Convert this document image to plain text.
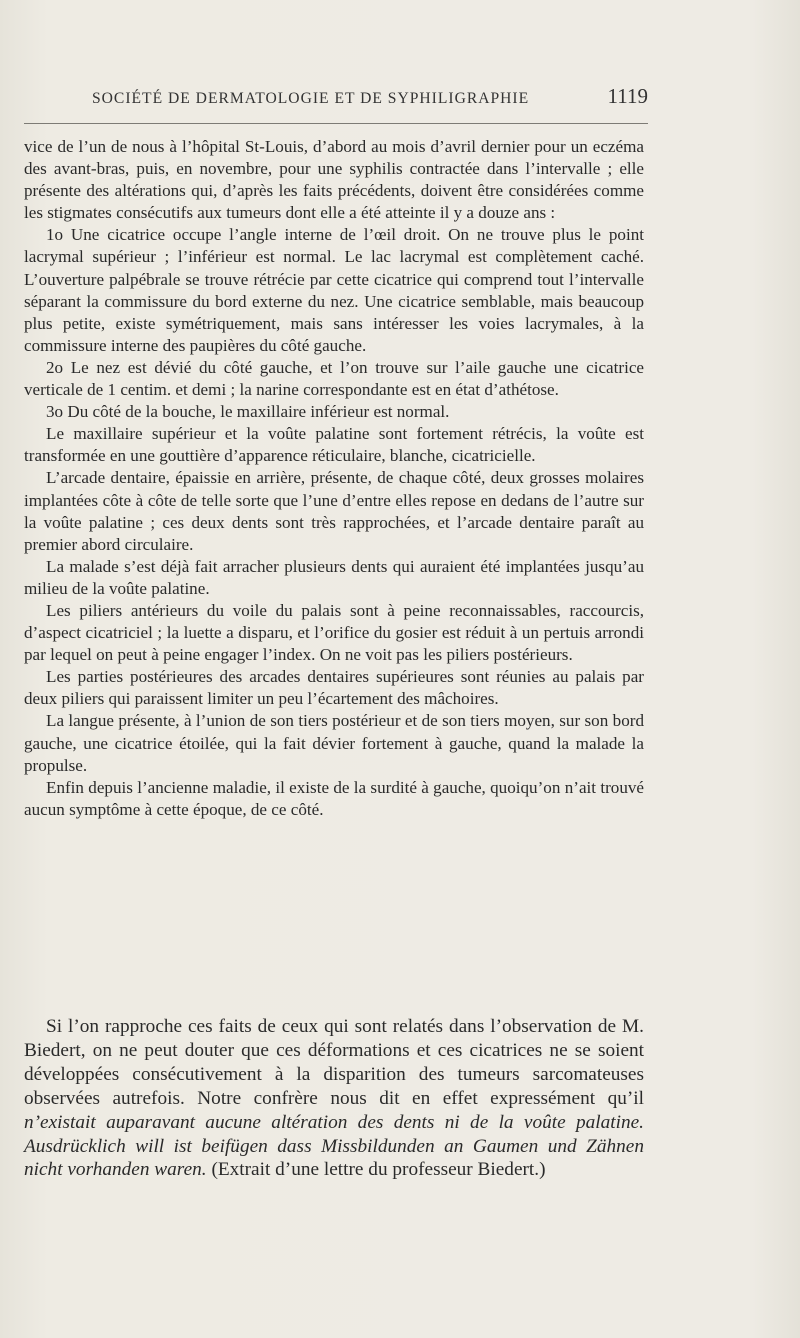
SOCIÉTÉ DE DERMATOLOGIE ET DE SYPHILIGRAPHIE	1119

vice de l’un de nous à l’hôpital St-Louis, d’abord au mois d’avril dernier pour un eczéma des avant-bras, puis, en novembre, pour une syphilis contractée dans l’intervalle ; elle présente des altérations qui, d’après les faits précédents, doivent être considérées comme les stigmates consécutifs aux tumeurs dont elle a été atteinte il y a douze ans :

1o Une cicatrice occupe l’angle interne de l’œil droit. On ne trouve plus le point lacrymal supérieur ; l’inférieur est normal. Le lac lacrymal est complètement caché. L’ouverture palpébrale se trouve rétrécie par cette cicatrice qui comprend tout l’intervalle séparant la commissure du bord externe du nez. Une cicatrice semblable, mais beaucoup plus petite, existe symétriquement, mais sans intéresser les voies lacrymales, à la commissure interne des paupières du côté gauche.

2o Le nez est dévié du côté gauche, et l’on trouve sur l’aile gauche une cicatrice verticale de 1 centim. et demi ; la narine correspondante est en état d’athétose.

3o Du côté de la bouche, le maxillaire inférieur est normal.

Le maxillaire supérieur et la voûte palatine sont fortement rétrécis, la voûte est transformée en une gouttière d’apparence réticulaire, blanche, cicatricielle.

L’arcade dentaire, épaissie en arrière, présente, de chaque côté, deux grosses molaires implantées côte à côte de telle sorte que l’une d’entre elles repose en dedans de l’autre sur la voûte palatine ; ces deux dents sont très rapprochées, et l’arcade dentaire paraît au premier abord circulaire.

La malade s’est déjà fait arracher plusieurs dents qui auraient été implantées jusqu’au milieu de la voûte palatine.

Les piliers antérieurs du voile du palais sont à peine reconnaissables, raccourcis, d’aspect cicatriciel ; la luette a disparu, et l’orifice du gosier est réduit à un pertuis arrondi par lequel on peut à peine engager l’index. On ne voit pas les piliers postérieurs.

Les parties postérieures des arcades dentaires supérieures sont réunies au palais par deux piliers qui paraissent limiter un peu l’écartement des mâchoires.

La langue présente, à l’union de son tiers postérieur et de son tiers moyen, sur son bord gauche, une cicatrice étoilée, qui la fait dévier fortement à gauche, quand la malade la propulse.

Enfin depuis l’ancienne maladie, il existe de la surdité à gauche, quoiqu’on n’ait trouvé aucun symptôme à cette époque, de ce côté.

Si l’on rapproche ces faits de ceux qui sont relatés dans l’observation de M. Biedert, on ne peut douter que ces déformations et ces cicatrices ne se soient développées consécutivement à la disparition des tumeurs sarcomateuses observées autrefois. Notre confrère nous dit en effet expressément qu’il n’existait auparavant aucune altération des dents ni de la voûte palatine. Ausdrücklich will ist beifügen dass Missbildunden an Gaumen und Zähnen nicht vorhanden waren. (Extrait d’une lettre du professeur Biedert.)
